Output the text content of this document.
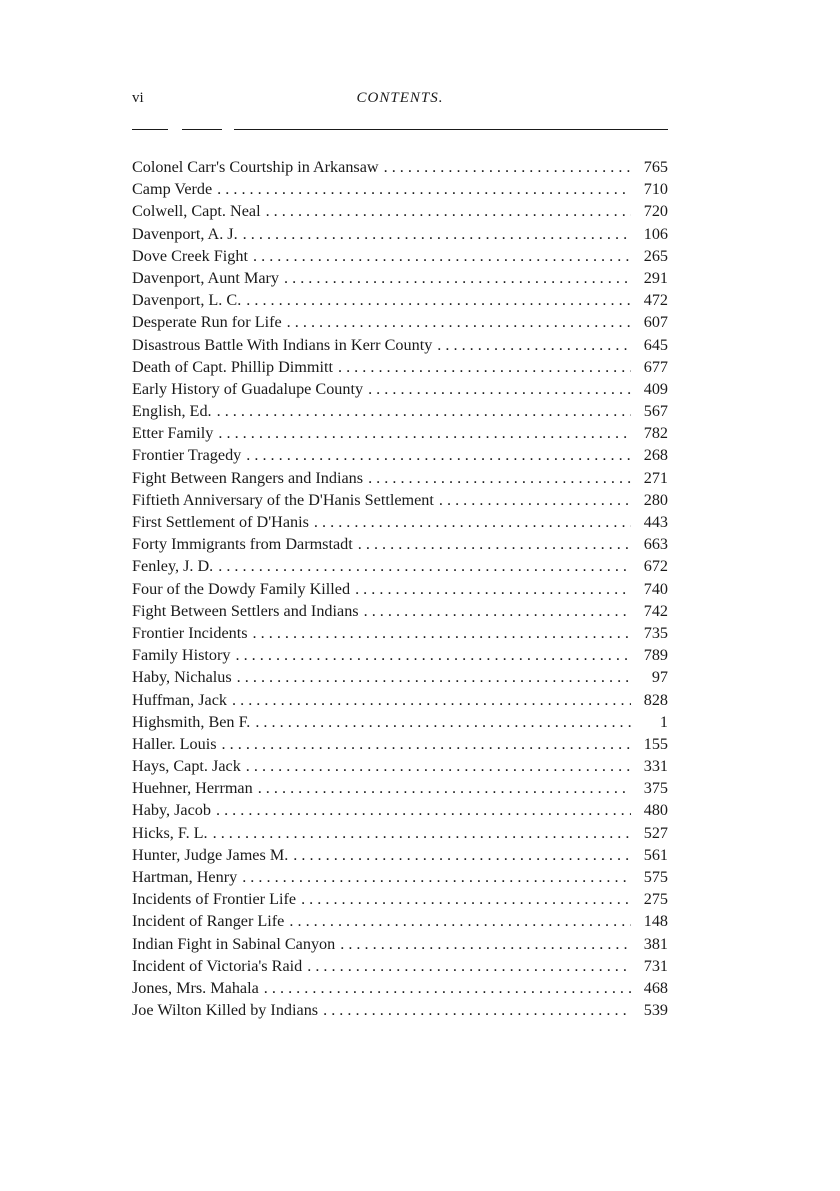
vi	CONTENTS.
Colonel Carr's Courtship in Arkansaw . . .	765
Camp Verde . . .	710
Colwell, Capt. Neal . . .	720
Davenport, A. J. . . .	106
Dove Creek Fight . . .	265
Davenport, Aunt Mary . . .	291
Davenport, L. C. . . .	472
Desperate Run for Life . . .	607
Disastrous Battle With Indians in Kerr County . . .	645
Death of Capt. Phillip Dimmitt . . .	677
Early History of Guadalupe County . . .	409
English, Ed. . . .	567
Etter Family . . .	782
Frontier Tragedy . . .	268
Fight Between Rangers and Indians . . .	271
Fiftieth Anniversary of the D'Hanis Settlement . . .	280
First Settlement of D'Hanis . . .	443
Forty Immigrants from Darmstadt . . .	663
Fenley, J. D. . . .	672
Four of the Dowdy Family Killed . . .	740
Fight Between Settlers and Indians . . .	742
Frontier Incidents . . .	735
Family History . . .	789
Haby, Nichalus . . .	97
Huffman, Jack . . .	828
Highsmith, Ben F. . . .	1
Haller. Louis . . .	155
Hays, Capt. Jack . . .	331
Huehner, Herrman . . .	375
Haby, Jacob . . .	480
Hicks, F. L. . . .	527
Hunter, Judge James M. . . .	561
Hartman, Henry . . .	575
Incidents of Frontier Life . . .	275
Incident of Ranger Life . . .	148
Indian Fight in Sabinal Canyon . . .	381
Incident of Victoria's Raid . . .	731
Jones, Mrs. Mahala . . .	468
Joe Wilton Killed by Indians . . .	539
